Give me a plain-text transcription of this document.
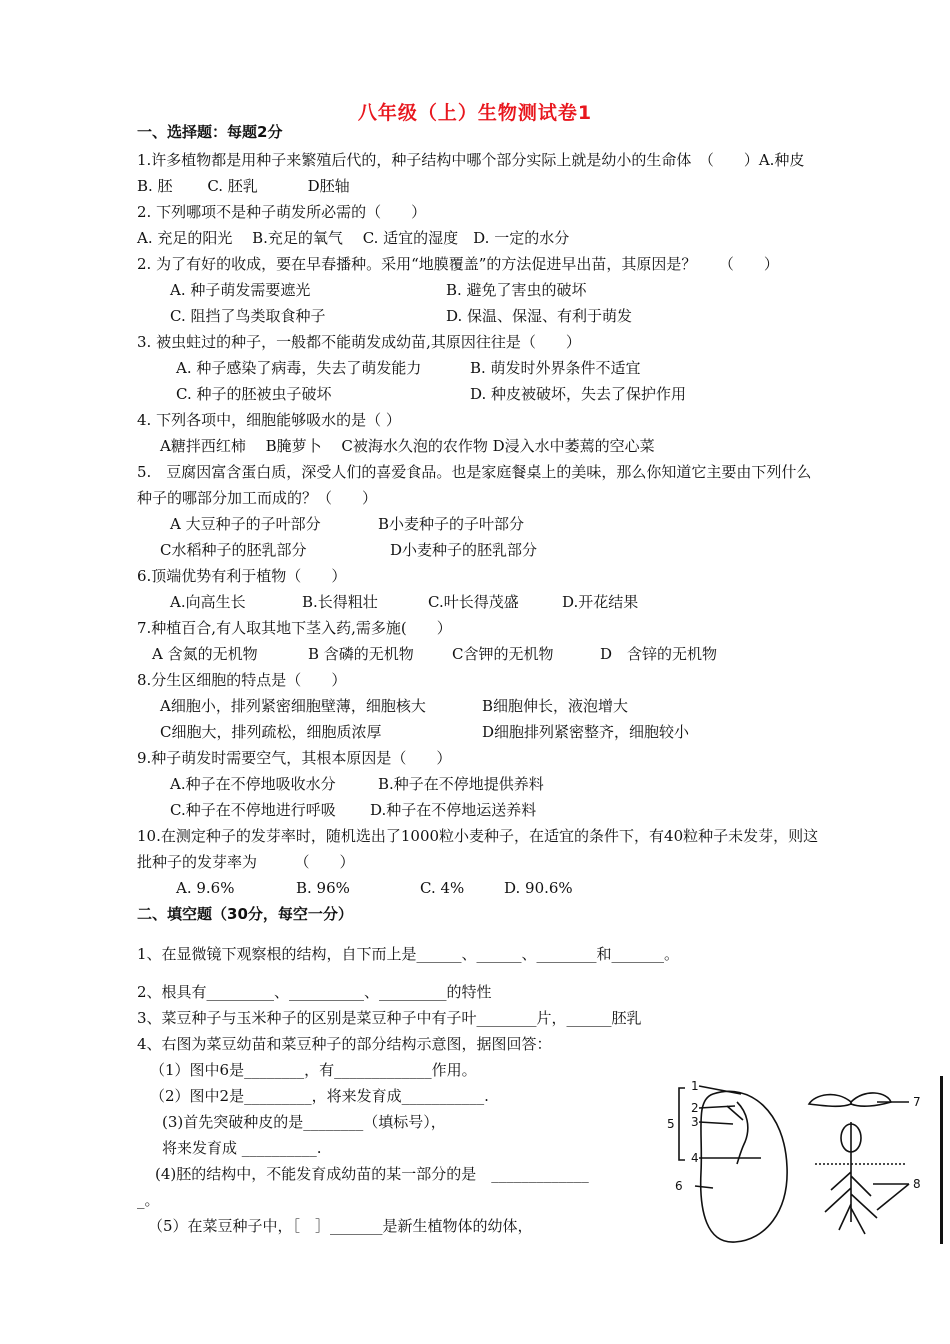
八年级（上）生物测试卷1
一、选择题：每题2分
1.许多植物都是用种子来繁殖后代的，种子结构中哪个部分实际上就是幼小的生命体　（　　）A.种皮
B. 胚　　 C. 胚乳　　　 D胚轴
2. 下列哪项不是种子萌发所必需的（　　）
A. 充足的阳光　 B.充足的氧气　 C. 适宜的湿度　D. 一定的水分
2. 为了有好的收成，要在早春播种。采用“地膜覆盖”的方法促进早出苗，其原因是？　　（　　）
A. 种子萌发需要遮光	B. 避免了害虫的破坏
C. 阻挡了鸟类取食种子	D. 保温、保湿、有利于萌发
3. 被虫蛀过的种子，一般都不能萌发成幼苗,其原因往往是（　　）
A. 种子感染了病毒，失去了萌发能力	B. 萌发时外界条件不适宜
C. 种子的胚被虫子破坏	D. 种皮被破坏，失去了保护作用
4. 下列各项中，细胞能够吸水的是（ ）
A糖拌西红柿　 B腌萝卜　 C被海水久泡的农作物 D浸入水中萎蔫的空心菜
5.　豆腐因富含蛋白质，深受人们的喜爱食品。也是家庭餐桌上的美味，那么你知道它主要由下列什么
种子的哪部分加工而成的？（　　）
A 大豆种子的子叶部分	B小麦种子的子叶部分
C水稻种子的胚乳部分	D小麦种子的胚乳部分
6.顶端优势有利于植物（　　）
A.向高生长	B.长得粗壮	C.叶长得茂盛	D.开花结果
7.种植百合,有人取其地下茎入药,需多施(　　）
A 含氮的无机物	B 含磷的无机物	C含钾的无机物	D　含锌的无机物
8.分生区细胞的特点是（　　）
A细胞小，排列紧密细胞壁薄，细胞核大	B细胞伸长，液泡增大
C细胞大，排列疏松，细胞质浓厚	D细胞排列紧密整齐，细胞较小
9.种子萌发时需要空气，其根本原因是（　　）
A.种子在不停地吸收水分	B.种子在不停地提供养料
C.种子在不停地进行呼吸 D.种子在不停地运送养料
10.在测定种子的发芽率时，随机选出了1000粒小麦种子，在适宜的条件下，有40粒种子未发芽，则这
批种子的发芽率为　　　（　　）
A. 9.6%	B. 96%	C. 4%	D. 90.6%
二、填空题（30分，每空一分）
1、在显微镜下观察根的结构，自下而上是______、______、________和_______。
2、根具有_________、__________、_________的特性
3、菜豆种子与玉米种子的区别是菜豆种子中有子叶________片，______胚乳
4、右图为菜豆幼苗和菜豆种子的部分结构示意图，据图回答：
（1）图中6是________，有_____________作用。
（2）图中2是_________，将来发育成___________.
(3)首先突破种皮的是________（填标号），
将来发育成 __________.
(4)胚的结构中，不能发育成幼苗的某一部分的是　_____________
_。
（5）在菜豆种子中，［　］_______是新生植物体的幼体，
1
2
3
4
5
6
7
8
